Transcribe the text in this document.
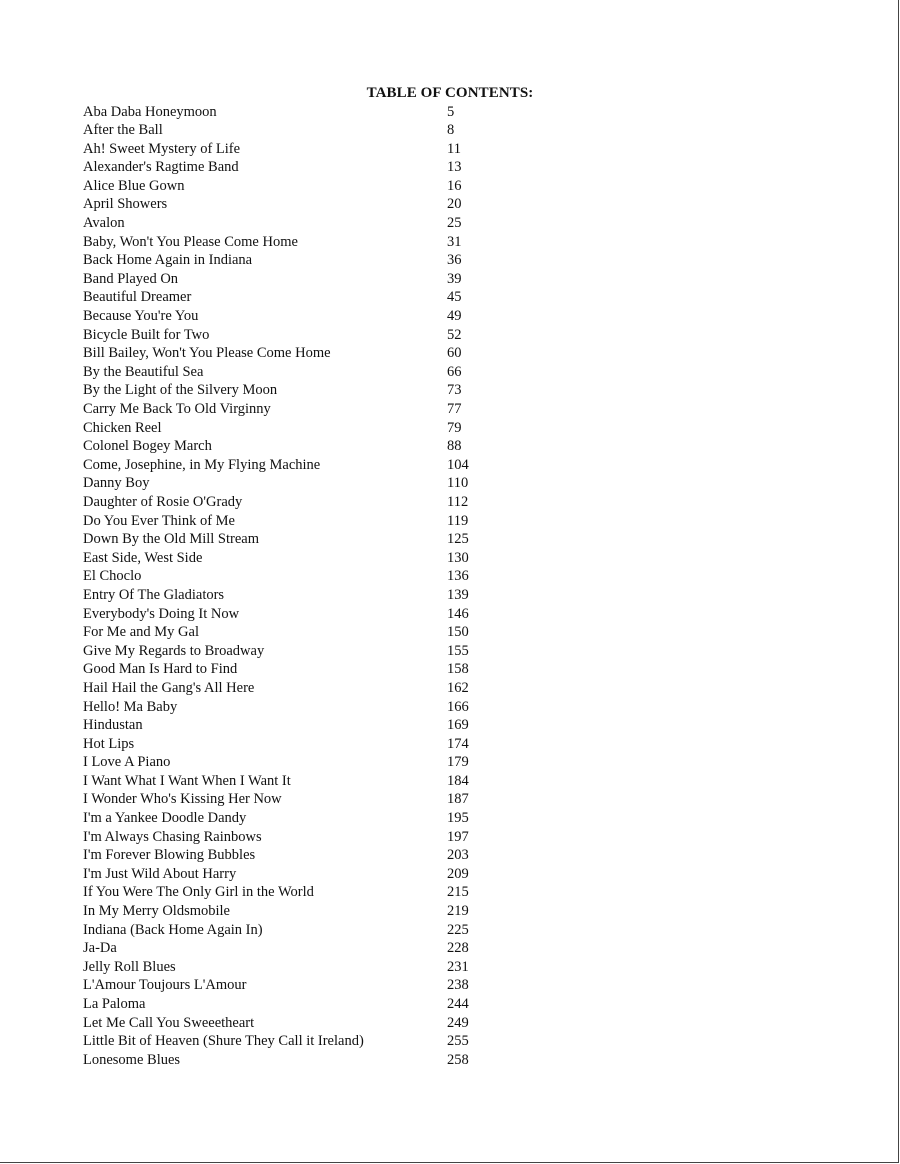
TABLE OF CONTENTS:
Aba Daba Honeymoon	5
After the Ball	8
Ah! Sweet Mystery of Life	11
Alexander's Ragtime Band	13
Alice Blue Gown	16
April Showers	20
Avalon	25
Baby, Won't You Please Come Home	31
Back Home Again in Indiana	36
Band Played On	39
Beautiful Dreamer	45
Because You're You	49
Bicycle Built for Two	52
Bill Bailey, Won't You Please Come Home	60
By the Beautiful Sea	66
By the Light of the Silvery Moon	73
Carry Me Back To Old Virginny	77
Chicken Reel	79
Colonel Bogey March	88
Come, Josephine, in My Flying Machine	104
Danny Boy	110
Daughter of Rosie O'Grady	112
Do You Ever Think of Me	119
Down By the Old Mill Stream	125
East Side, West Side	130
El Choclo	136
Entry Of The Gladiators	139
Everybody's Doing It Now	146
For Me and My Gal	150
Give My Regards to Broadway	155
Good Man Is Hard to Find	158
Hail Hail the Gang's All Here	162
Hello! Ma Baby	166
Hindustan	169
Hot Lips	174
I Love A Piano	179
I Want What I Want When I Want It	184
I Wonder Who's Kissing Her Now	187
I'm a Yankee Doodle Dandy	195
I'm Always Chasing Rainbows	197
I'm Forever Blowing Bubbles	203
I'm Just Wild About Harry	209
If You Were The Only Girl in the World	215
In My Merry Oldsmobile	219
Indiana (Back Home Again In)	225
Ja-Da	228
Jelly Roll Blues	231
L'Amour Toujours L'Amour	238
La Paloma	244
Let Me Call You Sweeetheart	249
Little Bit of Heaven (Shure They Call it Ireland)	255
Lonesome Blues	258
